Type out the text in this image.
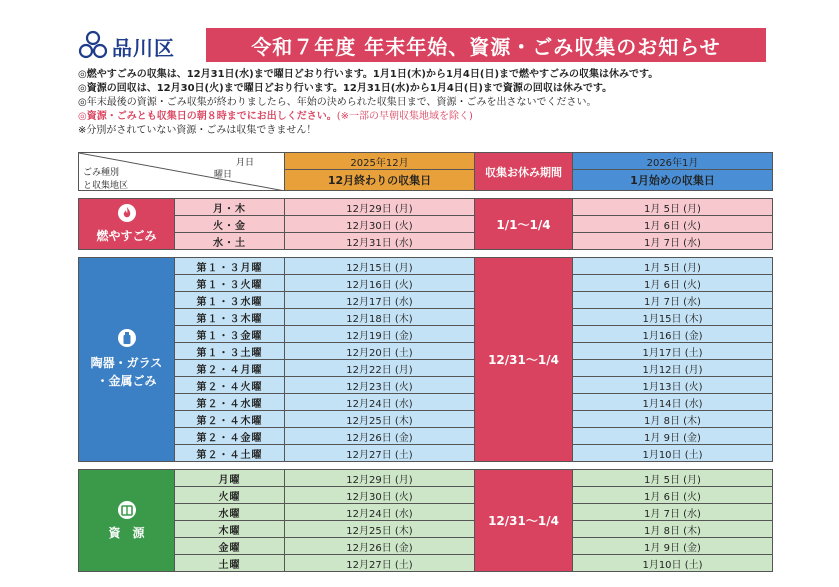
品川区	令和７年度 年末年始、資源・ごみ収集のお知らせ
◎燃やすごみの収集は、12月31日(水)まで曜日どおり行います。1月1日(木)から1月4日(日)まで燃やすごみの収集は休みです。
◎資源の回収は、12月30日(火)まで曜日どおり行います。12月31日(水)から1月4日(日)まで資源の回収は休みです。
◎年末最後の資源・ごみ収集が終わりましたら、年始の決められた収集日まで、資源・ごみを出さないでください。
◎資源・ごみとも収集日の朝８時までにお出しください。(※一部の早朝収集地域を除く)
※分別がされていない資源・ごみは収集できません！
月日
曜日
ごみ種別
と収集地区		2025年12月	収集お休み期間	2026年1月
		12月終わりの収集日		1月始めの収集日

燃やすごみ	月・木	12月29日 (月)	1/1～1/4	1月 5日 (月)
	火・金	12月30日 (火)		1月 6日 (火)
	水・土	12月31日 (水)		1月 7日 (水)

陶器・ガラス
・金属ごみ	第１・３月曜	12月15日 (月)	12/31～1/4	1月 5日 (月)
	第１・３火曜	12月16日 (火)		1月 6日 (火)
	第１・３水曜	12月17日 (水)		1月 7日 (水)
	第１・３木曜	12月18日 (木)		1月15日 (木)
	第１・３金曜	12月19日 (金)		1月16日 (金)
	第１・３土曜	12月20日 (土)		1月17日 (土)
	第２・４月曜	12月22日 (月)		1月12日 (月)
	第２・４火曜	12月23日 (火)		1月13日 (火)
	第２・４水曜	12月24日 (水)		1月14日 (水)
	第２・４木曜	12月25日 (木)		1月 8日 (木)
	第２・４金曜	12月26日 (金)		1月 9日 (金)
	第２・４土曜	12月27日 (土)		1月10日 (土)

資　源	月曜	12月29日 (月)	12/31～1/4	1月 5日 (月)
	火曜	12月30日 (火)		1月 6日 (火)
	水曜	12月24日 (水)		1月 7日 (水)
	木曜	12月25日 (木)		1月 8日 (木)
	金曜	12月26日 (金)		1月 9日 (金)
	土曜	12月27日 (土)		1月10日 (土)
